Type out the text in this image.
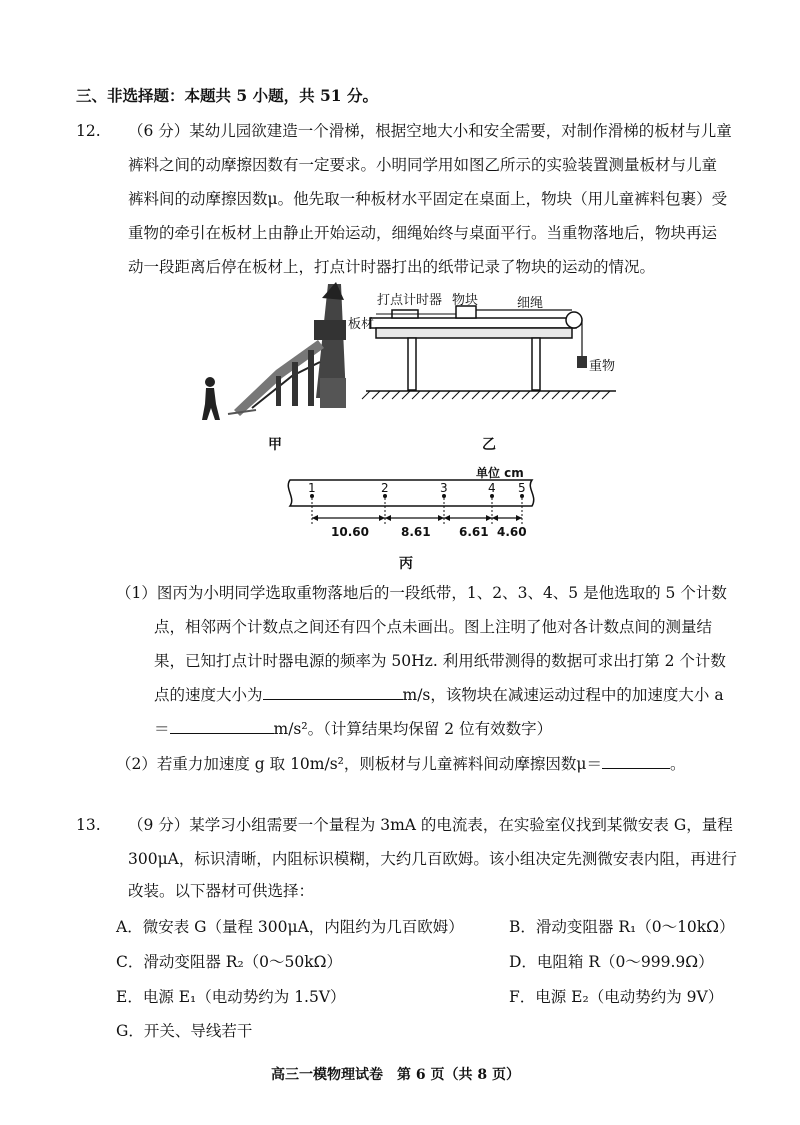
三、非选择题：本题共 5 小题，共 51 分。
12. （6 分）某幼儿园欲建造一个滑梯，根据空地大小和安全需要，对制作滑梯的板材与儿童
裤料之间的动摩擦因数有一定要求。小明同学用如图乙所示的实验装置测量板材与儿童
裤料间的动摩擦因数μ。他先取一种板材水平固定在桌面上，物块（用儿童裤料包裹）受
重物的牵引在板材上由静止开始运动，细绳始终与桌面平行。当重物落地后，物块再运
动一段距离后停在板材上，打点计时器打出的纸带记录了物块的运动的情况。
甲
打点计时器 物块	细绳
板材
重物
乙
单位 cm
1	2	3	4 5
10.60	8.61 6.61 4.60
丙
（1）图丙为小明同学选取重物落地后的一段纸带，1、2、3、4、5 是他选取的 5 个计数
点，相邻两个计数点之间还有四个点未画出。图上注明了他对各计数点间的测量结
果，已知打点计时器电源的频率为 50Hz. 利用纸带测得的数据可求出打第 2 个计数
点的速度大小为	m/s，该物块在减速运动过程中的加速度大小 a
＝	m/s²。（计算结果均保留 2 位有效数字）
（2）若重力加速度 g 取 10m/s²，则板材与儿童裤料间动摩擦因数μ＝	。
13. （9 分）某学习小组需要一个量程为 3mA 的电流表，在实验室仪找到某微安表 G，量程
300μA，标识清晰，内阻标识模糊，大约几百欧姆。该小组决定先测微安表内阻，再进行
改装。以下器材可供选择：
A．微安表 G（量程 300μA，内阻约为几百欧姆）	B．滑动变阻器 R₁（0～10kΩ）
C．滑动变阻器 R₂（0～50kΩ）	D．电阻箱 R（0～999.9Ω）
E．电源 E₁（电动势约为 1.5V）	F．电源 E₂（电动势约为 9V）
G．开关、导线若干
高三一模物理试卷　第 6 页（共 8 页）
